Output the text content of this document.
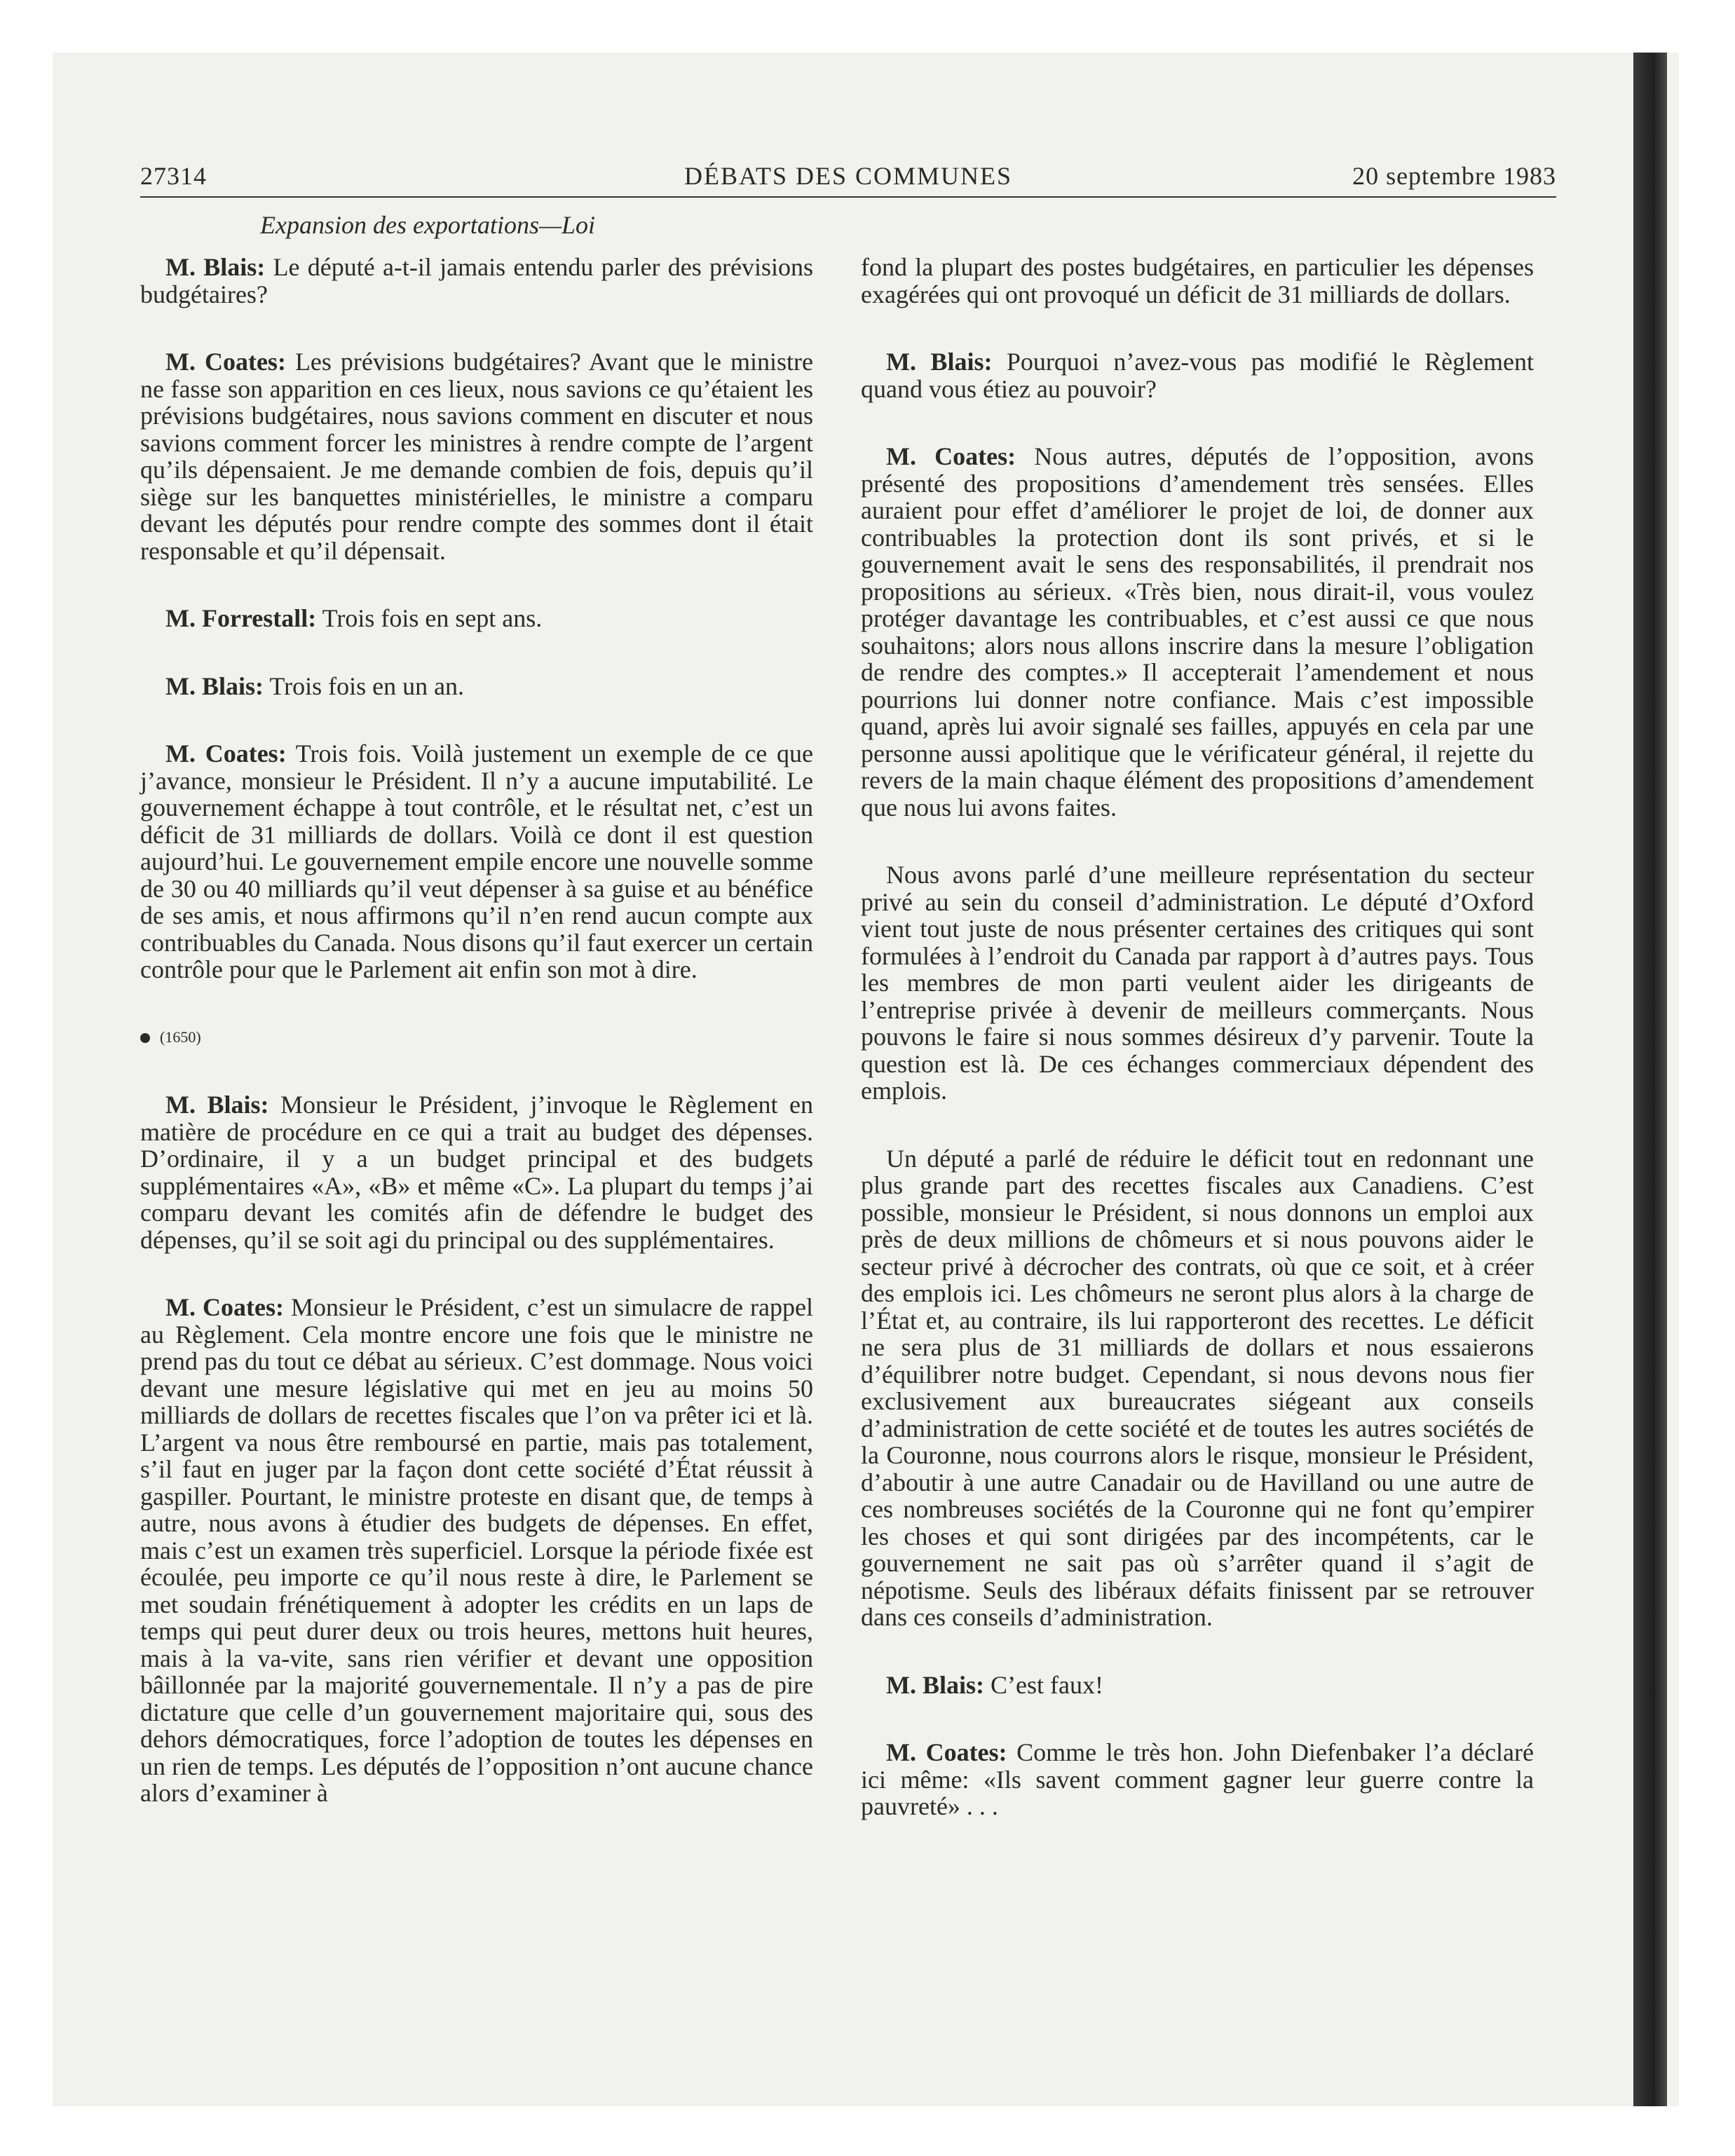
27314	DÉBATS DES COMMUNES	20 septembre 1983
Expansion des exportations—Loi

M. Blais: Le député a-t-il jamais entendu parler des prévisions budgétaires?

M. Coates: Les prévisions budgétaires? Avant que le ministre ne fasse son apparition en ces lieux, nous savions ce qu’étaient les prévisions budgétaires, nous savions comment en discuter et nous savions comment forcer les ministres à rendre compte de l’argent qu’ils dépensaient. Je me demande combien de fois, depuis qu’il siège sur les banquettes ministérielles, le ministre a comparu devant les députés pour rendre compte des sommes dont il était responsable et qu’il dépensait.

M. Forrestall: Trois fois en sept ans.

M. Blais: Trois fois en un an.

M. Coates: Trois fois. Voilà justement un exemple de ce que j’avance, monsieur le Président. Il n’y a aucune imputabilité. Le gouvernement échappe à tout contrôle, et le résultat net, c’est un déficit de 31 milliards de dollars. Voilà ce dont il est question aujourd’hui. Le gouvernement empile encore une nouvelle somme de 30 ou 40 milliards qu’il veut dépenser à sa guise et au bénéfice de ses amis, et nous affirmons qu’il n’en rend aucun compte aux contribuables du Canada. Nous disons qu’il faut exercer un certain contrôle pour que le Parlement ait enfin son mot à dire.

(1650)

M. Blais: Monsieur le Président, j’invoque le Règlement en matière de procédure en ce qui a trait au budget des dépenses. D’ordinaire, il y a un budget principal et des budgets supplémentaires «A», «B» et même «C». La plupart du temps j’ai comparu devant les comités afin de défendre le budget des dépenses, qu’il se soit agi du principal ou des supplémentaires.

M. Coates: Monsieur le Président, c’est un simulacre de rappel au Règlement. Cela montre encore une fois que le ministre ne prend pas du tout ce débat au sérieux. C’est dommage. Nous voici devant une mesure législative qui met en jeu au moins 50 milliards de dollars de recettes fiscales que l’on va prêter ici et là. L’argent va nous être remboursé en partie, mais pas totalement, s’il faut en juger par la façon dont cette société d’État réussit à gaspiller. Pourtant, le ministre proteste en disant que, de temps à autre, nous avons à étudier des budgets de dépenses. En effet, mais c’est un examen très superficiel. Lorsque la période fixée est écoulée, peu importe ce qu’il nous reste à dire, le Parlement se met soudain frénétiquement à adopter les crédits en un laps de temps qui peut durer deux ou trois heures, mettons huit heures, mais à la va-vite, sans rien vérifier et devant une opposition bâillonnée par la majorité gouvernementale. Il n’y a pas de pire dictature que celle d’un gouvernement majoritaire qui, sous des dehors démocratiques, force l’adoption de toutes les dépenses en un rien de temps. Les députés de l’opposition n’ont aucune chance alors d’examiner à

fond la plupart des postes budgétaires, en particulier les dépenses exagérées qui ont provoqué un déficit de 31 milliards de dollars.

M. Blais: Pourquoi n’avez-vous pas modifié le Règlement quand vous étiez au pouvoir?

M. Coates: Nous autres, députés de l’opposition, avons présenté des propositions d’amendement très sensées. Elles auraient pour effet d’améliorer le projet de loi, de donner aux contribuables la protection dont ils sont privés, et si le gouvernement avait le sens des responsabilités, il prendrait nos propositions au sérieux. «Très bien, nous dirait-il, vous voulez protéger davantage les contribuables, et c’est aussi ce que nous souhaitons; alors nous allons inscrire dans la mesure l’obligation de rendre des comptes.» Il accepterait l’amendement et nous pourrions lui donner notre confiance. Mais c’est impossible quand, après lui avoir signalé ses failles, appuyés en cela par une personne aussi apolitique que le vérificateur général, il rejette du revers de la main chaque élément des propositions d’amendement que nous lui avons faites.

Nous avons parlé d’une meilleure représentation du secteur privé au sein du conseil d’administration. Le député d’Oxford vient tout juste de nous présenter certaines des critiques qui sont formulées à l’endroit du Canada par rapport à d’autres pays. Tous les membres de mon parti veulent aider les dirigeants de l’entreprise privée à devenir de meilleurs commerçants. Nous pouvons le faire si nous sommes désireux d’y parvenir. Toute la question est là. De ces échanges commerciaux dépendent des emplois.

Un député a parlé de réduire le déficit tout en redonnant une plus grande part des recettes fiscales aux Canadiens. C’est possible, monsieur le Président, si nous donnons un emploi aux près de deux millions de chômeurs et si nous pouvons aider le secteur privé à décrocher des contrats, où que ce soit, et à créer des emplois ici. Les chômeurs ne seront plus alors à la charge de l’État et, au contraire, ils lui rapporteront des recettes. Le déficit ne sera plus de 31 milliards de dollars et nous essaierons d’équilibrer notre budget. Cependant, si nous devons nous fier exclusivement aux bureaucrates siégeant aux conseils d’administration de cette société et de toutes les autres sociétés de la Couronne, nous courrons alors le risque, monsieur le Président, d’aboutir à une autre Canadair ou de Havilland ou une autre de ces nombreuses sociétés de la Couronne qui ne font qu’empirer les choses et qui sont dirigées par des incompétents, car le gouvernement ne sait pas où s’arrêter quand il s’agit de népotisme. Seuls des libéraux défaits finissent par se retrouver dans ces conseils d’administration.

M. Blais: C’est faux!

M. Coates: Comme le très hon. John Diefenbaker l’a déclaré ici même: «Ils savent comment gagner leur guerre contre la pauvreté» . . .
